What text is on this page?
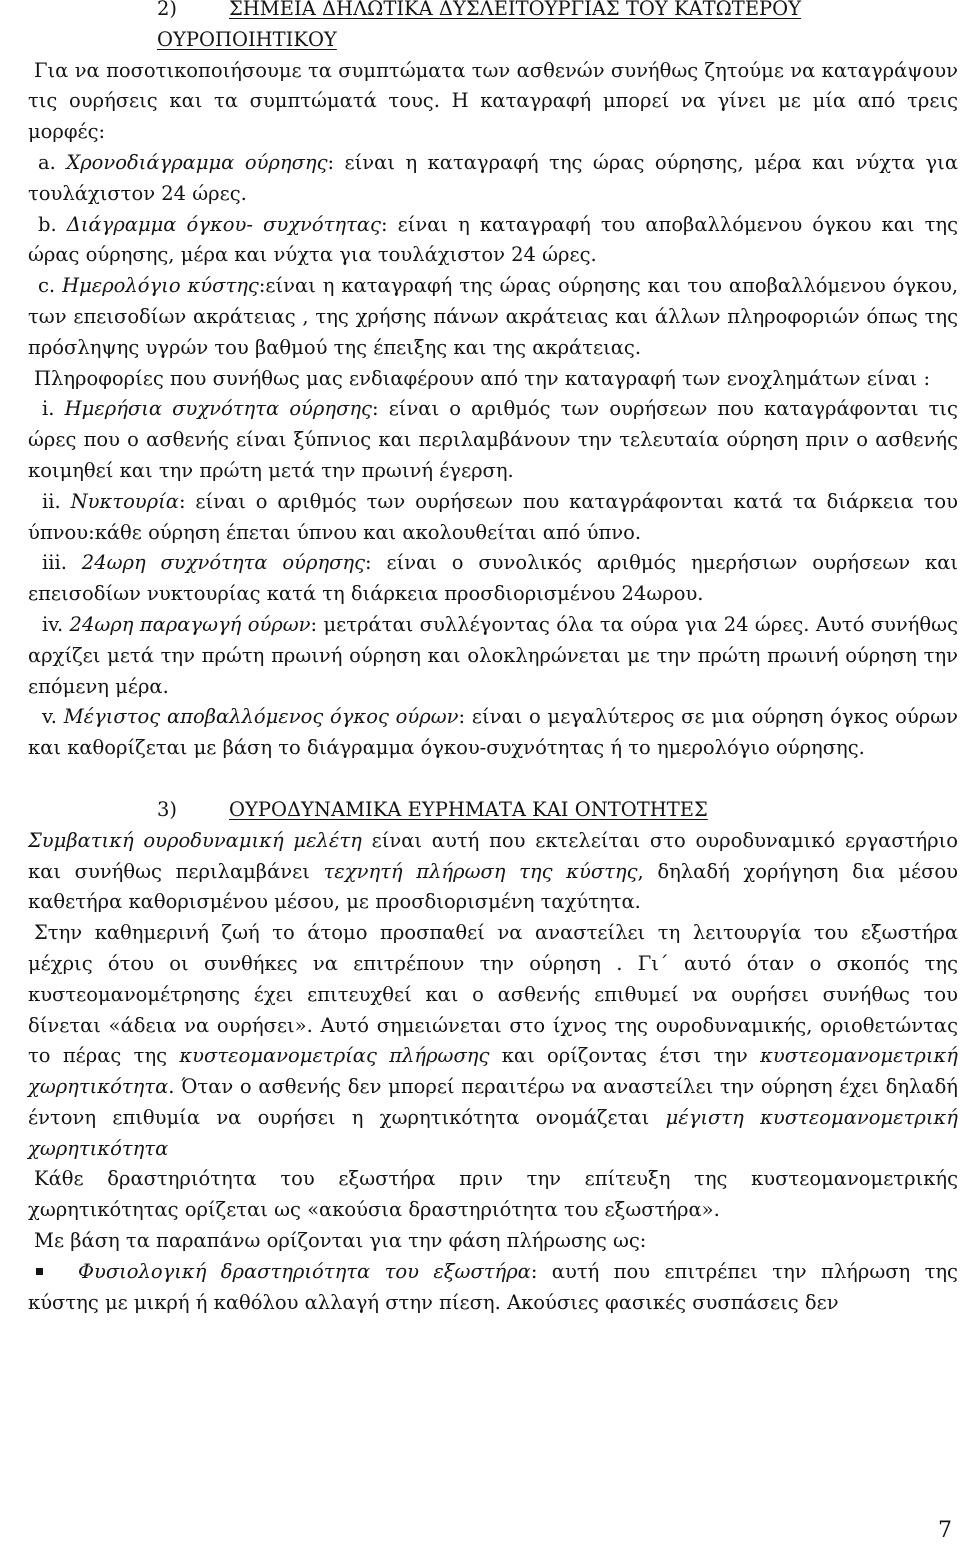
2)	ΣΗΜΕΙΑ ΔΗΛΩΤΙΚΑ ΔΥΣΛΕΙΤΟΥΡΓΙΑΣ ΤΟΥ ΚΑΤΩΤΕΡΟΥ ΟΥΡΟΠΟΙΗΤΙΚΟΥ

Για να ποσοτικοποιήσουμε τα συμπτώματα των ασθενών συνήθως ζητούμε να καταγράψουν τις ουρήσεις και τα συμπτώματά τους. Η καταγραφή μπορεί να γίνει με μία από τρεις μορφές:

a. Χρονοδιάγραμμα ούρησης: είναι η καταγραφή της ώρας ούρησης, μέρα και νύχτα για τουλάχιστον 24 ώρες.

b. Διάγραμμα όγκου- συχνότητας: είναι η καταγραφή του αποβαλλόμενου όγκου και της ώρας ούρησης, μέρα και νύχτα για τουλάχιστον 24 ώρες.

c. Ημερολόγιο κύστης:είναι η καταγραφή της ώρας ούρησης και του αποβαλλόμενου όγκου, των επεισοδίων ακράτειας , της χρήσης πάνων ακράτειας και άλλων πληροφοριών όπως της πρόσληψης υγρών του βαθμού της έπειξης και της ακράτειας.

Πληροφορίες που συνήθως μας ενδιαφέρουν από την καταγραφή των ενοχλημάτων είναι :

i. Ημερήσια συχνότητα ούρησης: είναι ο αριθμός των ουρήσεων που καταγράφονται τις ώρες που ο ασθενής είναι ξύπνιος και περιλαμβάνουν την τελευταία ούρηση πριν ο ασθενής κοιμηθεί και την πρώτη μετά την πρωινή έγερση.

ii. Νυκτουρία: είναι ο αριθμός των ουρήσεων που καταγράφονται κατά τα διάρκεια του ύπνου:κάθε ούρηση έπεται ύπνου και ακολουθείται από ύπνο.

iii. 24ωρη συχνότητα ούρησης: είναι ο συνολικός αριθμός ημερήσιων ουρήσεων και επεισοδίων νυκτουρίας κατά τη διάρκεια προσδιορισμένου 24ωρου.

iv. 24ωρη παραγωγή ούρων: μετράται συλλέγοντας όλα τα ούρα για 24 ώρες. Αυτό συνήθως αρχίζει μετά την πρώτη πρωινή ούρηση και ολοκληρώνεται με την πρώτη πρωινή ούρηση την επόμενη μέρα.

v. Μέγιστος αποβαλλόμενος όγκος ούρων: είναι ο μεγαλύτερος σε μια ούρηση όγκος ούρων και καθορίζεται με βάση το διάγραμμα όγκου-συχνότητας ή το ημερολόγιο ούρησης.

3)	ΟΥΡΟΔΥΝΑΜΙΚΑ ΕΥΡΗΜΑΤΑ ΚΑΙ ΟΝΤΟΤΗΤΕΣ

Συμβατική ουροδυναμική μελέτη είναι αυτή που εκτελείται στο ουροδυναμικό εργαστήριο και συνήθως περιλαμβάνει τεχνητή πλήρωση της κύστης, δηλαδή χορήγηση δια μέσου καθετήρα καθορισμένου μέσου, με προσδιορισμένη ταχύτητα.

Στην καθημερινή ζωή το άτομο προσπαθεί να αναστείλει τη λειτουργία του εξωστήρα μέχρις ότου οι συνθήκες να επιτρέπουν την ούρηση . Γι΄ αυτό όταν ο σκοπός της κυστεομανομέτρησης έχει επιτευχθεί και ο ασθενής επιθυμεί να ουρήσει συνήθως του δίνεται «άδεια να ουρήσει». Αυτό σημειώνεται στο ίχνος της ουροδυναμικής, οριοθετώντας το πέρας της κυστεομανομετρίας πλήρωσης και ορίζοντας έτσι την κυστεομανομετρική χωρητικότητα. Όταν ο ασθενής δεν μπορεί περαιτέρω να αναστείλει την ούρηση έχει δηλαδή έντονη επιθυμία να ουρήσει η χωρητικότητα ονομάζεται μέγιστη κυστεομανομετρική χωρητικότητα

Κάθε δραστηριότητα του εξωστήρα πριν την επίτευξη της κυστεομανομετρικής χωρητικότητας ορίζεται ως «ακούσια δραστηριότητα του εξωστήρα».

Με βάση τα παραπάνω ορίζονται για την φάση πλήρωσης ως:

Φυσιολογική δραστηριότητα του εξωστήρα: αυτή που επιτρέπει την πλήρωση της κύστης με μικρή ή καθόλου αλλαγή στην πίεση. Ακούσιες φασικές συσπάσεις δεν

7
